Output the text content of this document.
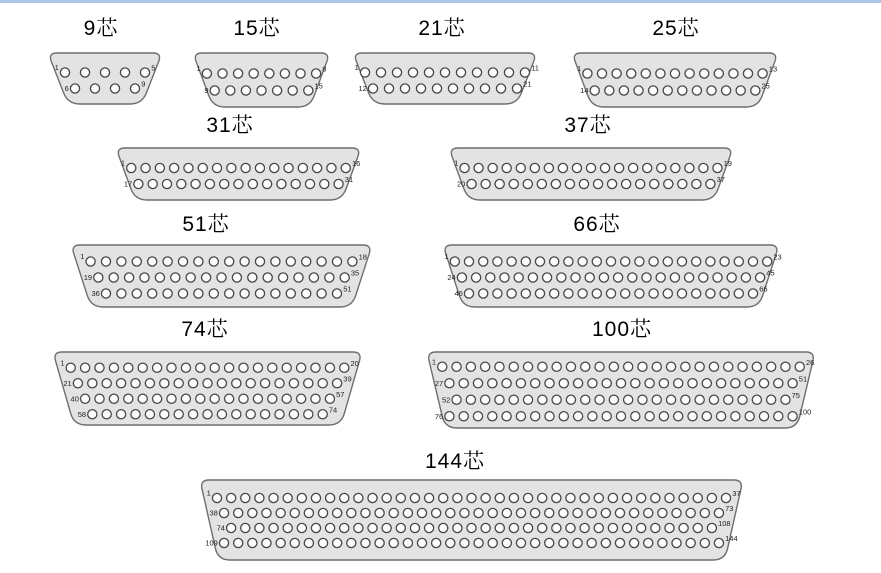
9芯
1	5
6
9
15芯
1	8
9
15
21芯
1	11
12
21
25芯
1	13
14
25
31芯
1	16
17
31
37芯
1	19
20
37
51芯
1	18
19
35
36
51
66芯
1	23
24
45
46
66
74芯
1	20
21
39
40
57
58
74
100芯
1	26
27
51
52
75
76
100
144芯
1	37
38
73
74
108
109
144
